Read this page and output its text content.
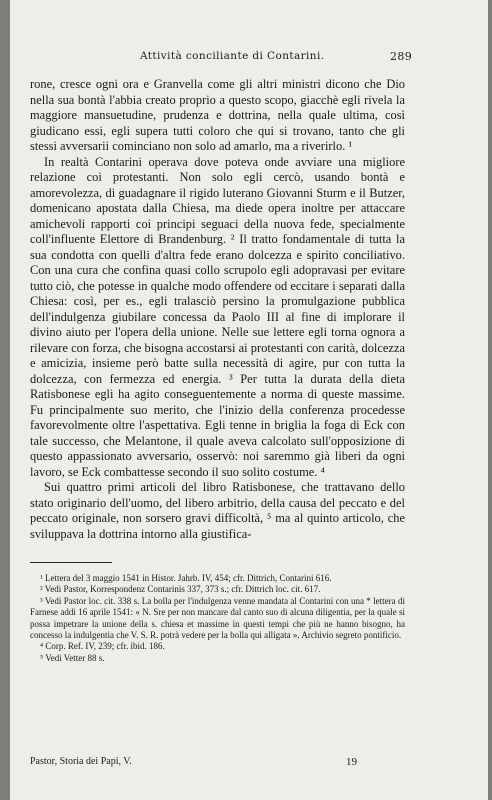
Attività conciliante di Contarini.	289

rone, cresce ogni ora e Granvella come gli altri ministri dicono che Dio nella sua bontà l'abbia creato proprio a questo scopo, giacchè egli rivela la maggiore mansuetudine, prudenza e dottrina, nella quale ultima, così giudicano essi, egli supera tutti coloro che qui si trovano, tanto che gli stessi avversarii cominciano non solo ad amarlo, ma a riverirlo. ¹

In realtà Contarini operava dove poteva onde avviare una migliore relazione coi protestanti. Non solo egli cercò, usando bontà e amorevolezza, di guadagnare il rigido luterano Giovanni Sturm e il Butzer, domenicano apostata dalla Chiesa, ma diede opera inoltre per attaccare amichevoli rapporti coi principi seguaci della nuova fede, specialmente coll'influente Elettore di Brandenburg. ² Il tratto fondamentale di tutta la sua condotta con quelli d'altra fede erano dolcezza e spirito conciliativo. Con una cura che confina quasi collo scrupolo egli adopravasi per evitare tutto ciò, che potesse in qualche modo offendere od eccitare i separati dalla Chiesa: così, per es., egli tralasciò persino la promulgazione pubblica dell'indulgenza giubilare concessa da Paolo III al fine di implorare il divino aiuto per l'opera della unione. Nelle sue lettere egli torna ognora a rilevare con forza, che bisogna accostarsi ai protestanti con carità, dolcezza e amicizia, insieme però batte sulla necessità di agire, pur con tutta la dolcezza, con fermezza ed energia. ³ Per tutta la durata della dieta Ratisbonese egli ha agito conseguentemente a norma di queste massime. Fu principalmente suo merito, che l'inizio della conferenza procedesse favorevolmente oltre l'aspettativa. Egli tenne in briglia la foga di Eck con tale successo, che Melantone, il quale aveva calcolato sull'opposizione di questo appassionato avversario, osservò: noi saremmo già liberi da ogni lavoro, se Eck combattesse secondo il suo solito costume. ⁴

Sui quattro primi articoli del libro Ratisbonese, che trattavano dello stato originario dell'uomo, del libero arbitrio, della causa del peccato e del peccato originale, non sorsero gravi difficoltà, ⁵ ma al quinto articolo, che sviluppava la dottrina intorno alla giustifica-

¹ Lettera del 3 maggio 1541 in Histor. Jahrb. IV, 454; cfr. Dittrich, Contarini 616.

² Vedi Pastor, Korrespondenz Contarinis 337, 373 s.; cfr. Dittrich loc. cit. 617.

³ Vedi Pastor loc. cit. 338 s. La bolla per l'indulgenza venne mandata al Contarini con una * lettera di Farnese addì 16 aprile 1541: « N. Sre per non mancare dal canto suo di alcuna diligentia, per la quale si possa impetrare la unione della s. chiesa et massime in questi tempi che più ne hanno bisogno, ha concesso la indulgentia che V. S. R. potrà vedere per la bolla qui alligata ». Archivio segreto pontificio.

⁴ Corp. Ref. IV, 239; cfr. ibid. 186.

⁵ Vedi Vetter 88 s.

Pastor, Storia dei Papi, V.	19
